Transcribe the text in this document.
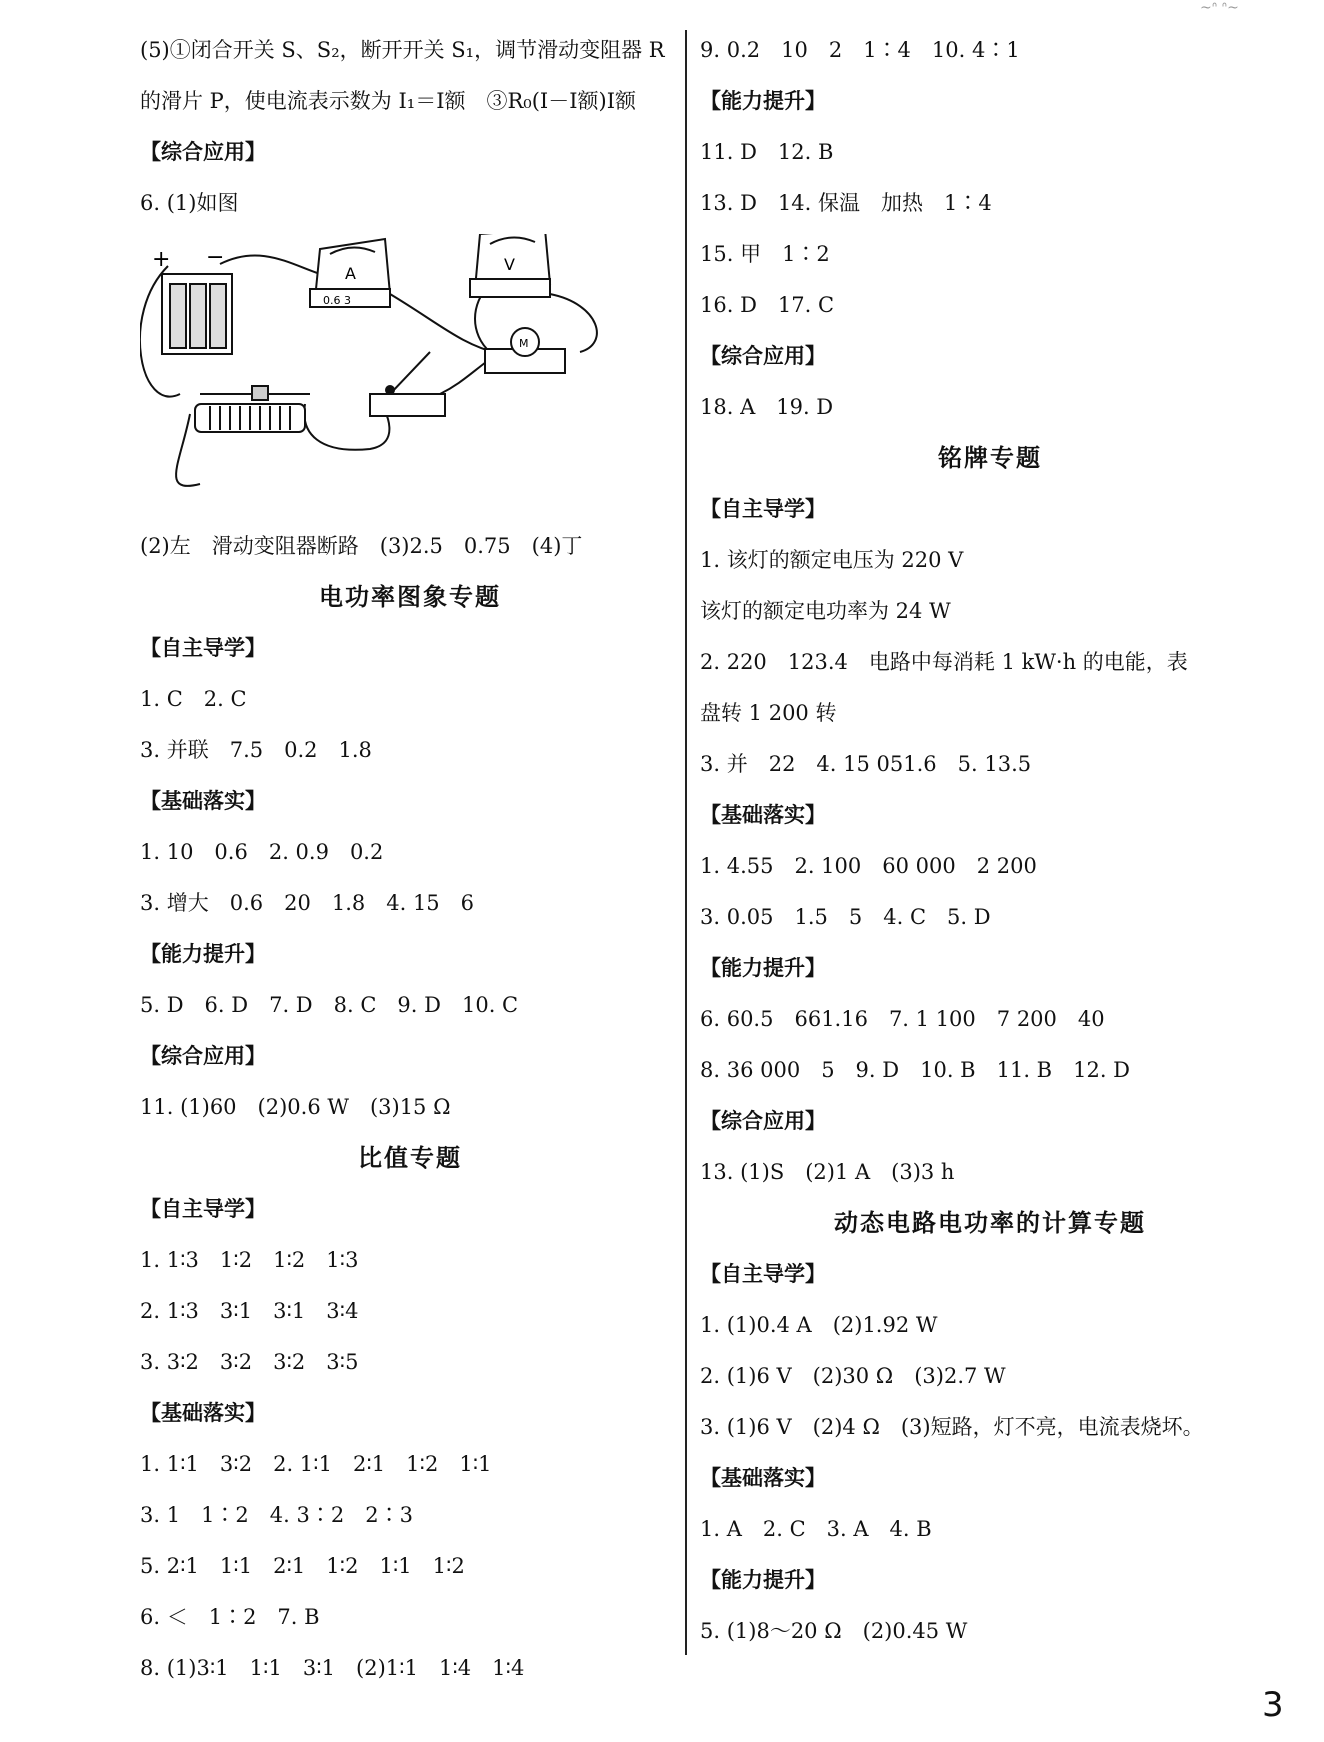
~ᐢ ᐢ~
(5)①闭合开关 S、S₂，断开开关 S₁，调节滑动变阻器 R
的滑片 P，使电流表示数为 I₁＝I额　③R₀(I－I额)I额
【综合应用】
6. (1)如图
+ −
A
0.6 3
V
M
(2)左　滑动变阻器断路　(3)2.5　0.75　(4)丁
电功率图象专题
【自主导学】
1. C　2. C
3. 并联　7.5　0.2　1.8
【基础落实】
1. 10　0.6　2. 0.9　0.2
3. 增大　0.6　20　1.8　4. 15　6
【能力提升】
5. D　6. D　7. D　8. C　9. D　10. C
【综合应用】
11. (1)60　(2)0.6 W　(3)15 Ω
比值专题
【自主导学】
1. 1∶3　1∶2　1∶2　1∶3
2. 1∶3　3∶1　3∶1　3∶4
3. 3∶2　3∶2　3∶2　3∶5
【基础落实】
1. 1∶1　3∶2　2. 1∶1　2∶1　1∶2　1∶1
3. 1　1∶2　4. 3∶2　2∶3
5. 2∶1　1∶1　2∶1　1∶2　1∶1　1∶2
6. ＜　1∶2　7. B
8. (1)3∶1　1∶1　3∶1　(2)1∶1　1∶4　1∶4
9. 0.2　10　2　1∶4　10. 4∶1
【能力提升】
11. D　12. B
13. D　14. 保温　加热　1∶4
15. 甲　1∶2
16. D　17. C
【综合应用】
18. A　19. D
铭牌专题
【自主导学】
1. 该灯的额定电压为 220 V
该灯的额定电功率为 24 W
2. 220　123.4　电路中每消耗 1 kW·h 的电能，表
盘转 1 200 转
3. 并　22　4. 15 051.6　5. 13.5
【基础落实】
1. 4.55　2. 100　60 000　2 200
3. 0.05　1.5　5　4. C　5. D
【能力提升】
6. 60.5　661.16　7. 1 100　7 200　40
8. 36 000　5　9. D　10. B　11. B　12. D
【综合应用】
13. (1)S　(2)1 A　(3)3 h
动态电路电功率的计算专题
【自主导学】
1. (1)0.4 A　(2)1.92 W
2. (1)6 V　(2)30 Ω　(3)2.7 W
3. (1)6 V　(2)4 Ω　(3)短路，灯不亮，电流表烧坏。
【基础落实】
1. A　2. C　3. A　4. B
【能力提升】
5. (1)8～20 Ω　(2)0.45 W
3
